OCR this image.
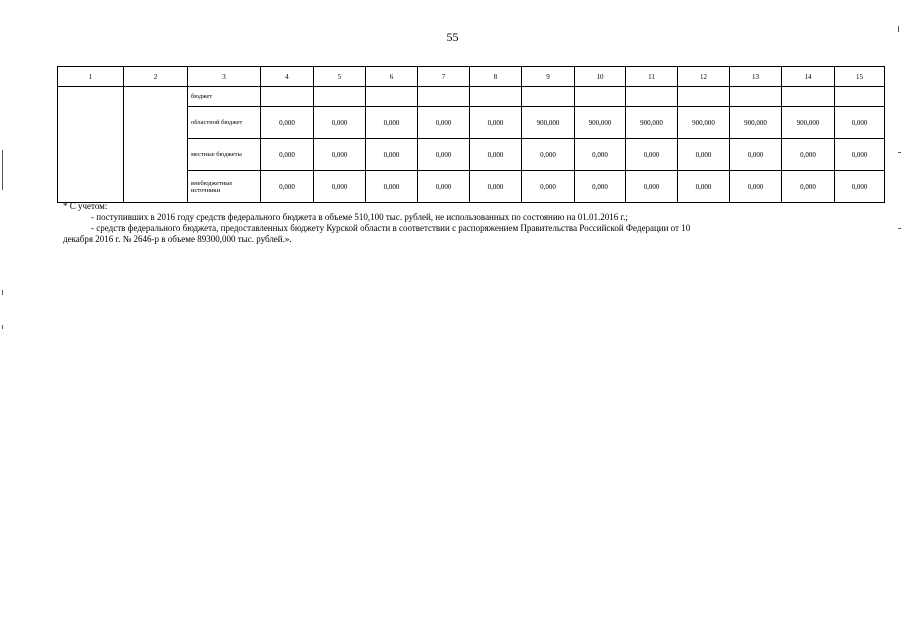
55
1	2	3	4	5	6	7	8	9	10	11	12	13	14	15
		бюджет												
		областной бюджет	0,000	0,000	0,000	0,000	0,000	900,000	900,000	900,000	900,000	900,000	900,000	0,000
		местные бюджеты	0,000	0,000	0,000	0,000	0,000	0,000	0,000	0,000	0,000	0,000	0,000	0,000
		внебюджетные источники	0,000	0,000	0,000	0,000	0,000	0,000	0,000	0,000	0,000	0,000	0,000	0,000
* С учетом:
- поступивших в 2016 году средств федерального бюджета в объеме 510,100 тыс. рублей, не использованных по состоянию на 01.01.2016 г.;
- средств федерального бюджета, предоставленных бюджету Курской области в соответствии с распоряжением Правительства Российской Федерации от 10
декабря 2016 г. № 2646-р в объеме 89300,000 тыс. рублей.».
